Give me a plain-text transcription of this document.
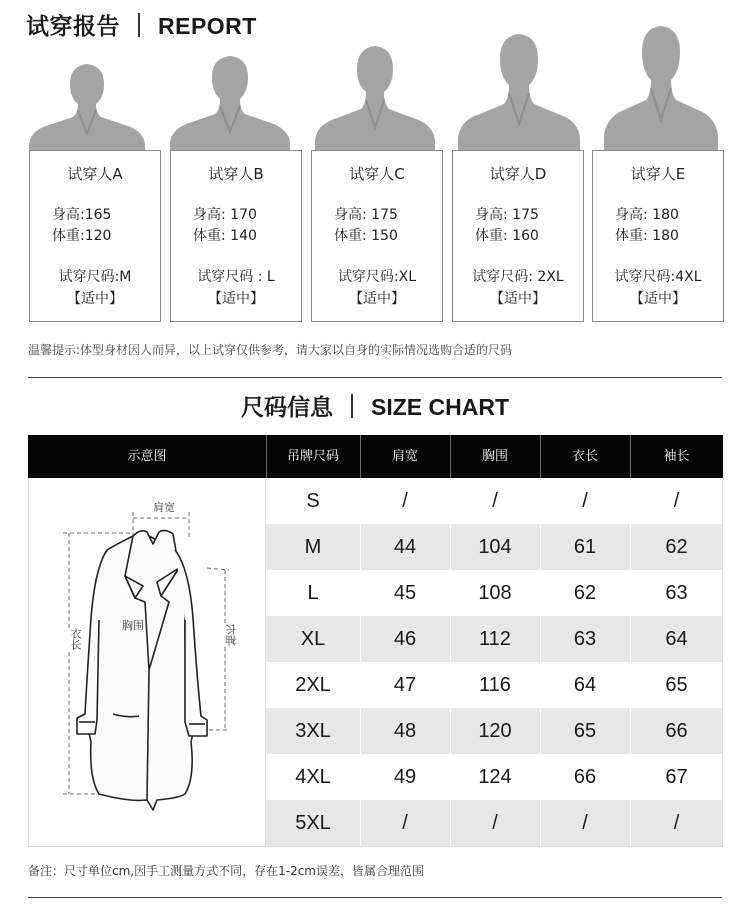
试穿报告 REPORT
试穿人A
身高:165
体重:120
试穿尺码:M
【适中】
试穿人B
身高: 170
体重: 140
试穿尺码 : L
【适中】
试穿人C
身高: 175
体重: 150
试穿尺码:XL
【适中】
试穿人D
身高: 175
体重: 160
试穿尺码: 2XL
【适中】
试穿人E
身高: 180
体重: 180
试穿尺码:4XL
【适中】
温馨提示:体型身材因人而异，以上试穿仅供参考，请大家以自身的实际情况选购合适的尺码
尺码信息 SIZE CHART
示意图	吊牌尺码	肩宽	胸围	衣长	袖长
肩宽
胸围
衣长	袖长
S	/	/	/	/
M	44	104	61	62
L	45	108	62	63
XL	46	112	63	64
2XL	47	116	64	65
3XL	48	120	65	66
4XL	49	124	66	67
5XL	/	/	/	/
备注：尺寸单位cm,因手工测量方式不同，存在1-2cm误差，皆属合理范围
